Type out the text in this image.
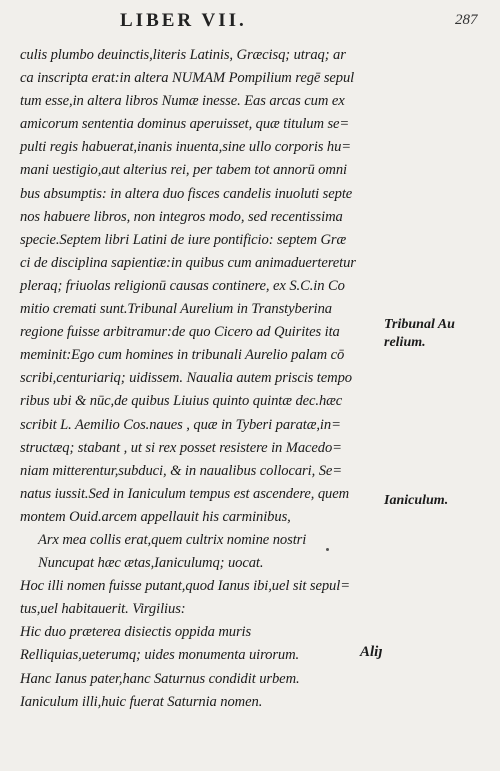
LIBER VII.	287
culis plumbo deuinctis,literis Latinis, Græcisq; utraq; ar
ca inscripta erat:in altera NUMAM Pompilium regē sepul
tum esse,in altera libros Numæ inesse. Eas arcas cum ex
amicorum sententia dominus aperuisset, quæ titulum se=
pulti regis habuerat,inanis inuenta,sine ullo corporis hu=
mani uestigio,aut alterius rei, per tabem tot annorū omni
bus absumptis: in altera duo fisces candelis inuoluti septe
nos habuere libros, non integros modo, sed recentissima
specie.Septem libri Latini de iure pontificio: septem Græ
ci de disciplina sapientiæ:in quibus cum animaduerteretur
pleraq; friuolas religionū causas continere, ex S.C.in Co
mitio cremati sunt.Tribunal Aurelium in Transtyberina
regione fuisse arbitramur:de quo Cicero ad Quirites ita
meminit:Ego cum homines in tribunali Aurelio palam cō
scribi,centuriariq; uidissem. Naualia autem priscis tempo
ribus ubi & nūc,de quibus Liuius quinto quintæ dec.hæc
scribit L. Aemilio Cos.naues , quæ in Tyberi paratæ,in=
structæq; stabant , ut si rex posset resistere in Macedo=
niam mitterentur,subduci, & in naualibus collocari, Se=
natus iussit.Sed in Ianiculum tempus est ascendere, quem
montem Ouid.arcem appellauit his carminibus,
Arx mea collis erat,quem cultrix nomine nostri
Nuncupat hæc ætas,Ianiculumq; uocat.
Hoc illi nomen fuisse putant,quod Ianus ibi,uel sit sepul=
tus,uel habitauerit. Virgilius:
Hic duo præterea disiectis oppida muris
Relliquias,ueterumq; uides monumenta uirorum.
Hanc Ianus pater,hanc Saturnus condidit urbem.
Ianiculum illi,huic fuerat Saturnia nomen.
Tribunal Au
relium.
Ianiculum.
Aliȷ
